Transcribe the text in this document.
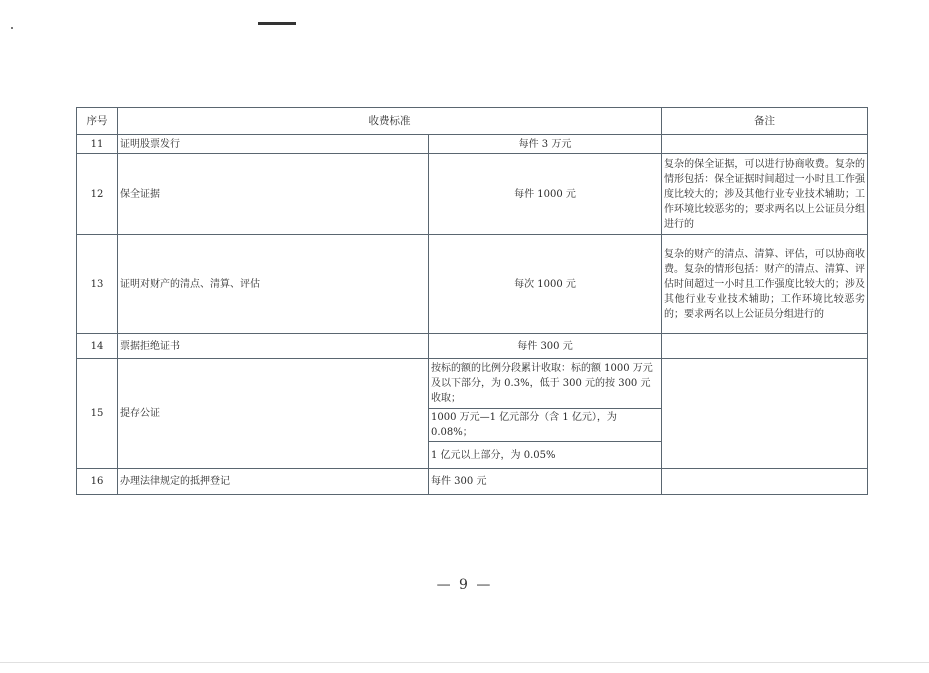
序号	收费标准		备注
11	证明股票发行	每件 3 万元	
12	保全证据	每件 1000 元	复杂的保全证据，可以进行协商收费。复杂的情形包括：保全证据时间超过一小时且工作强度比较大的；涉及其他行业专业技术辅助；工作环境比较恶劣的；要求两名以上公证员分组进行的
13	证明对财产的清点、清算、评估	每次 1000 元	复杂的财产的清点、清算、评估，可以协商收费。复杂的情形包括：财产的清点、清算、评估时间超过一小时且工作强度比较大的；涉及其他行业专业技术辅助；工作环境比较恶劣的；要求两名以上公证员分组进行的
14	票据拒绝证书	每件 300 元	
15	提存公证	按标的额的比例分段累计收取：标的额 1000 万元及以下部分，为 0.3%，低于 300 元的按 300 元收取；	
		1000 万元—1 亿元部分（含 1 亿元），为 0.08%；	
		1 亿元以上部分，为 0.05%	
16	办理法律规定的抵押登记	每件 300 元	
— 9 —
